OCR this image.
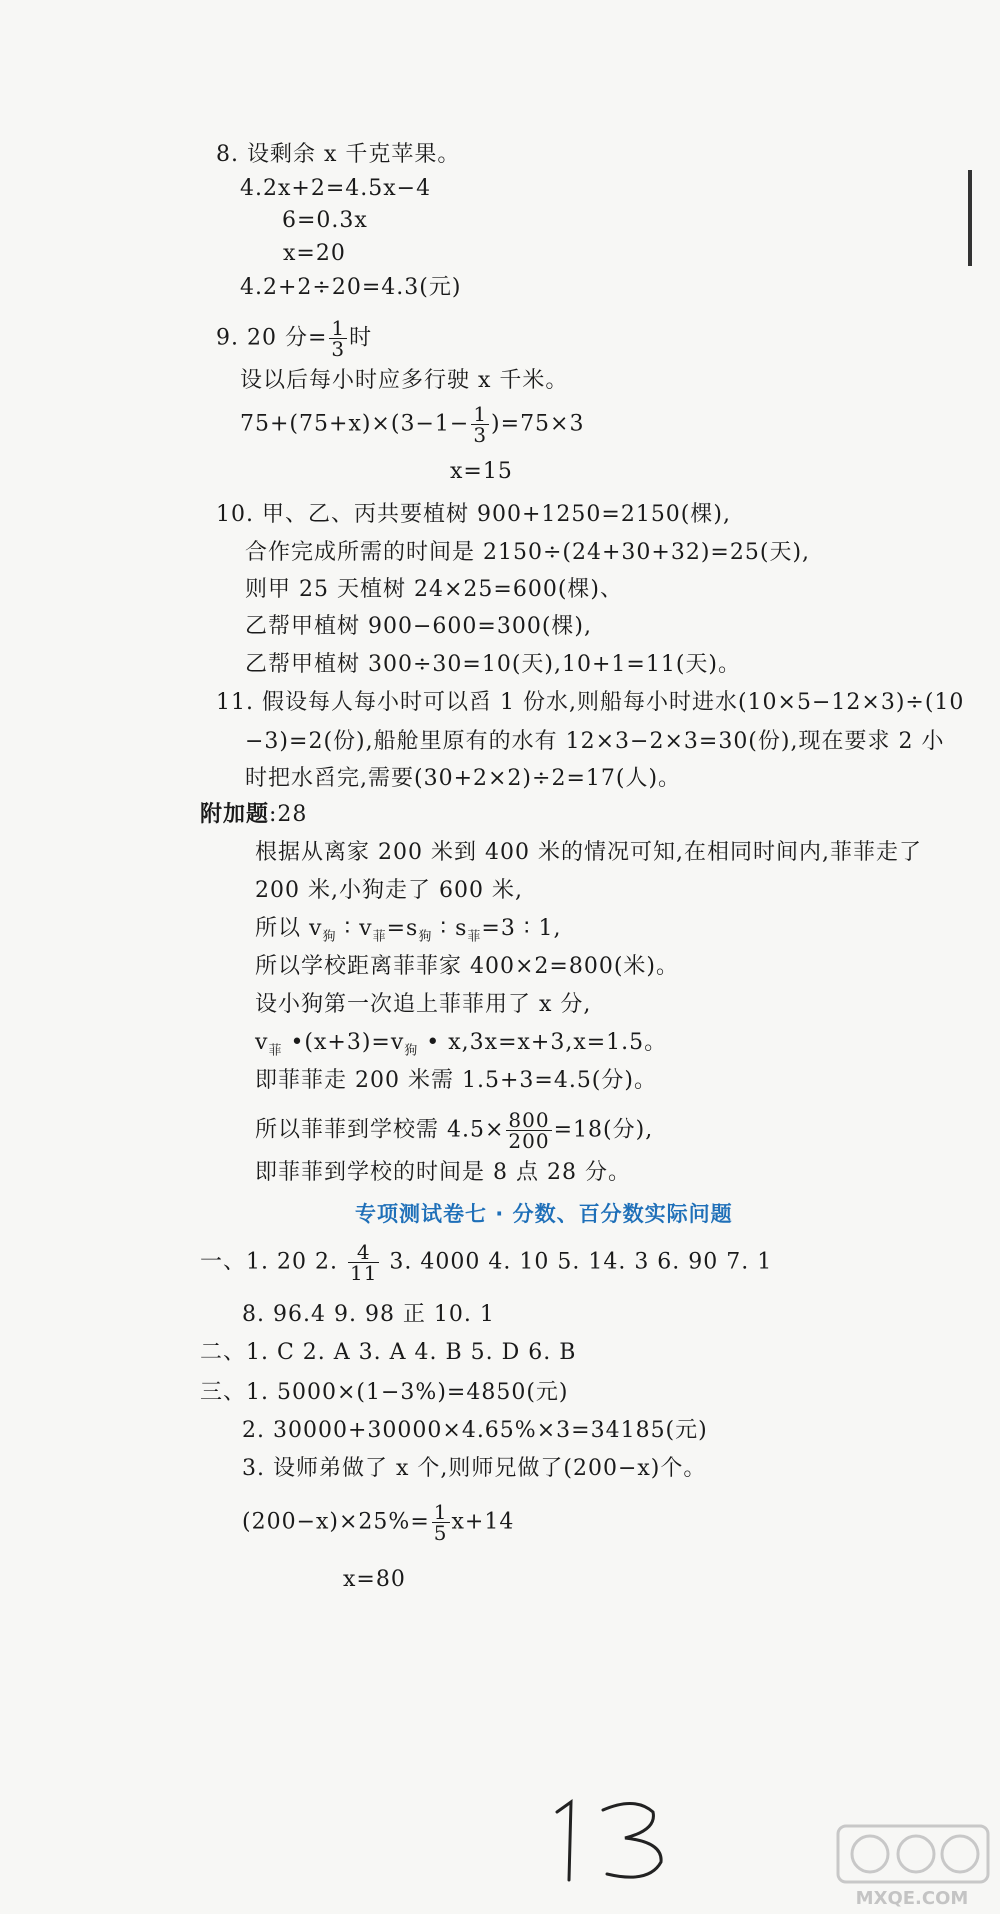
8. 设剩余 x 千克苹果。
4.2x+2=4.5x−4
6=0.3x
x=20
4.2+2÷20=4.3(元)
9. 20 分= $\frac{1}{3}$ 时
设以后每小时应多行驶 x 千米。
$75+(75+x)\times(3-1- \frac{1}{3} )=75\times 3$
x=15
10. 甲、乙、丙共要植树 900+1250=2150(棵),
合作完成所需的时间是 2150÷(24+30+32)=25(天),
则甲 25 天植树 24×25=600(棵)、
乙帮甲植树 900−600=300(棵),
乙帮甲植树 300÷30=10(天),10+1=11(天)。
11. 假设每人每小时可以舀 1 份水,则船每小时进水(10×5−12×3)÷(10
−3)=2(份),船舱里原有的水有 12×3−2×3=30(份),现在要求 2 小
时把水舀完,需要(30+2×2)÷2=17(人)。
附加题:28
根据从离家 200 米到 400 米的情况可知,在相同时间内,菲菲走了
200 米,小狗走了 600 米,
所以 $v_狗$ ∶ $v_菲=s_狗$ ∶ $s_菲=3$ ∶ 1,
所以学校距离菲菲家 400×2=800(米)。
设小狗第一次追上菲菲用了 x 分,
$v_菲$ $•(x+3)=v_狗$ • x,3x=x+3,x=1.5。
即菲菲走 200 米需 1.5+3=4.5(分)。
所以菲菲到学校需 $4.5\times \frac{800}{200} =18$(分),
即菲菲到学校的时间是 8 点 28 分。
专项测试卷七 · 分数、百分数实际问题
一、1. 20 2. $\frac{4}{11} 3$. 4000 4. 10 5. 14. 3 6. 90 7. 1
8. 96.4 9. 98 正 10. 1
二、1. C 2. A 3. A 4. B 5. D 6. B
三、1. 5000×(1−3%)=4850(元)
2. 30000+30000×4.65%×3=34185(元)
3. 设师弟做了 x 个,则师兄做了(200−x)个。
$(200-x)\times 25\%= \frac{1}{5} x+14$
x=80
MXQE.COM
